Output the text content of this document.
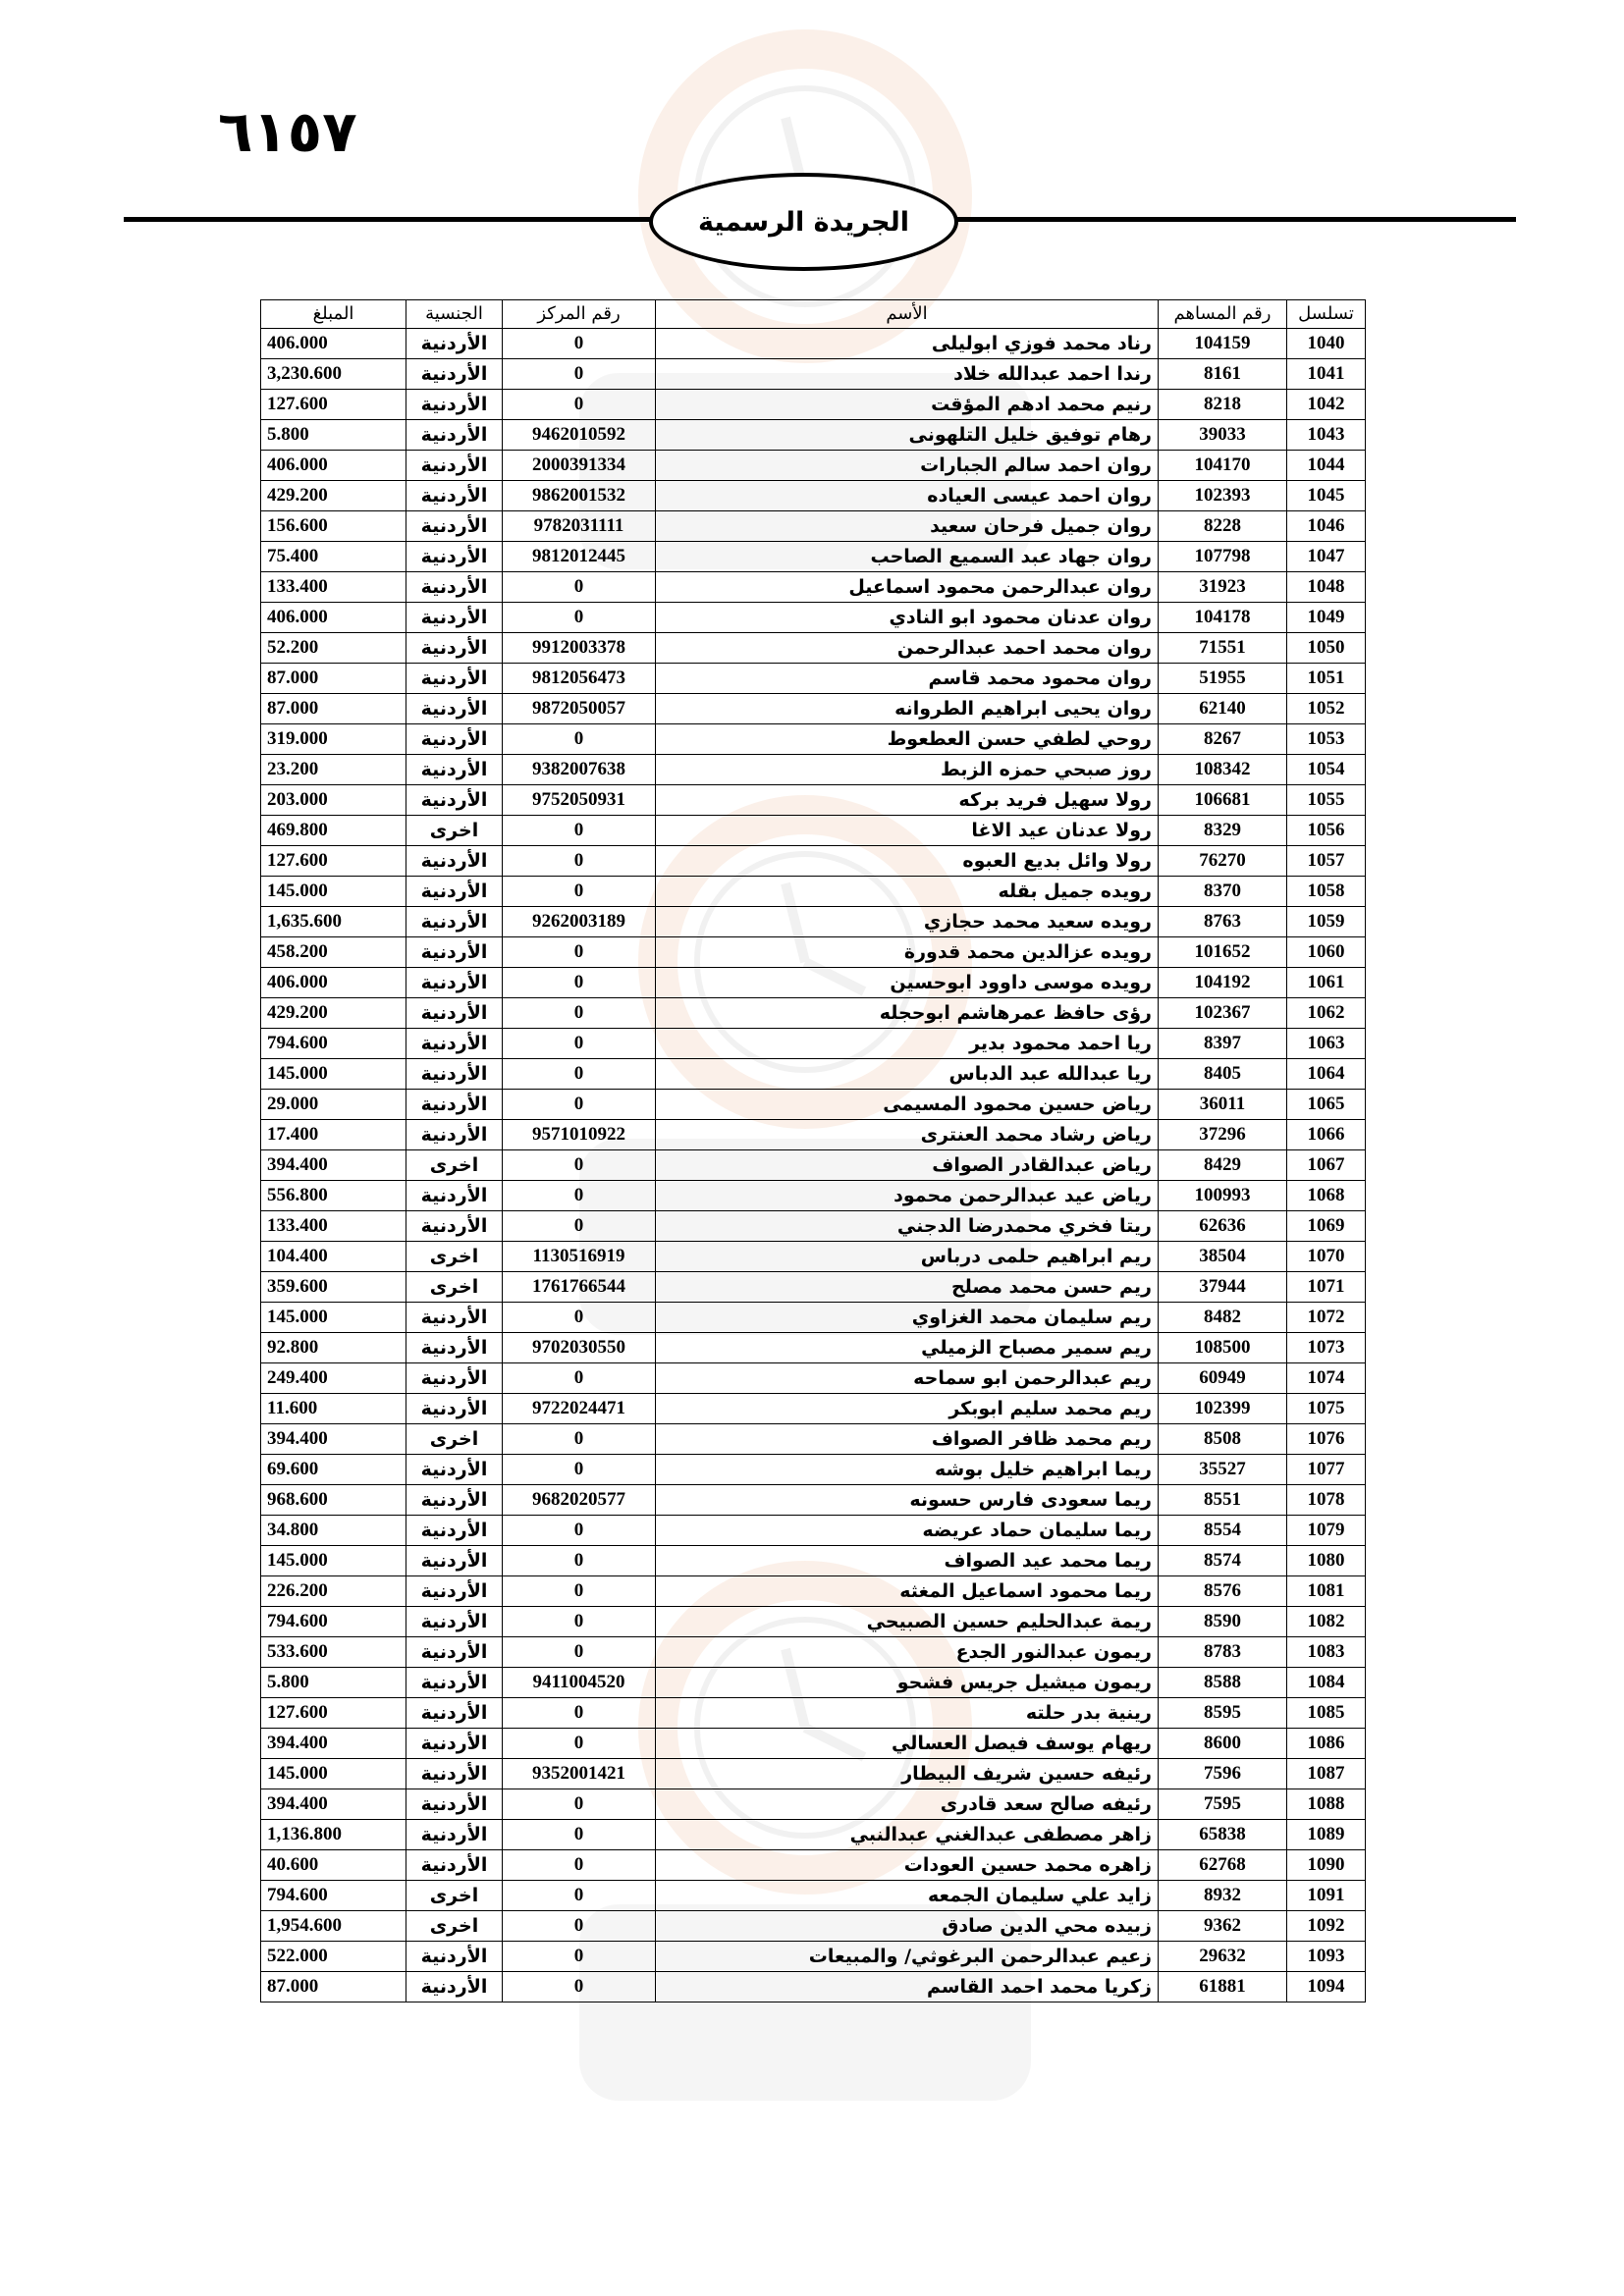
٦١٥٧
الجريدة الرسمية
تسلسل	رقم المساهم	الأسم	رقم المركز	الجنسية	المبلغ
1040	104159	رناد محمد فوزي ابوليلى	0	الأردنية	406.000
1041	8161	رندا احمد عبدالله خلاد	0	الأردنية	3,230.600
1042	8218	رنيم محمد ادهم المؤقت	0	الأردنية	127.600
1043	39033	رهام توفيق خليل التلهونى	9462010592	الأردنية	5.800
1044	104170	روان احمد سالم الجبارات	2000391334	الأردنية	406.000
1045	102393	روان احمد عيسى العياده	9862001532	الأردنية	429.200
1046	8228	روان جميل فرحان سعيد	9782031111	الأردنية	156.600
1047	107798	روان جهاد عبد السميع الصاحب	9812012445	الأردنية	75.400
1048	31923	روان عبدالرحمن محمود اسماعيل	0	الأردنية	133.400
1049	104178	روان عدنان محمود ابو النادي	0	الأردنية	406.000
1050	71551	روان محمد احمد عبدالرحمن	9912003378	الأردنية	52.200
1051	51955	روان محمود محمد قاسم	9812056473	الأردنية	87.000
1052	62140	روان يحيى ابراهيم الطروانه	9872050057	الأردنية	87.000
1053	8267	روحي لطفي حسن العطعوط	0	الأردنية	319.000
1054	108342	روز صبحي حمزه الزبط	9382007638	الأردنية	23.200
1055	106681	رولا سهيل فريد بركه	9752050931	الأردنية	203.000
1056	8329	رولا عدنان عيد الاغا	0	اخرى	469.800
1057	76270	رولا وائل بديع العبوه	0	الأردنية	127.600
1058	8370	رويده جميل بقله	0	الأردنية	145.000
1059	8763	رويده سعيد محمد حجازي	9262003189	الأردنية	1,635.600
1060	101652	رويده عزالدين محمد قدورة	0	الأردنية	458.200
1061	104192	رويده موسى داوود ابوحسين	0	الأردنية	406.000
1062	102367	رؤى حافظ عمرهاشم ابوحجله	0	الأردنية	429.200
1063	8397	ريا احمد محمود بدير	0	الأردنية	794.600
1064	8405	ريا عبدالله عبد الدباس	0	الأردنية	145.000
1065	36011	رياض حسين محمود المسيمى	0	الأردنية	29.000
1066	37296	رياض رشاد محمد العنترى	9571010922	الأردنية	17.400
1067	8429	رياض عبدالقادر الصواف	0	اخرى	394.400
1068	100993	رياض عيد عبدالرحمن محمود	0	الأردنية	556.800
1069	62636	ريتا فخري محمدرضا الدجني	0	الأردنية	133.400
1070	38504	ريم ابراهيم حلمى درباس	1130516919	اخرى	104.400
1071	37944	ريم حسن محمد مصلح	1761766544	اخرى	359.600
1072	8482	ريم سليمان محمد الغزاوي	0	الأردنية	145.000
1073	108500	ريم سمير مصباح الزميلي	9702030550	الأردنية	92.800
1074	60949	ريم عبدالرحمن ابو سماحه	0	الأردنية	249.400
1075	102399	ريم محمد سليم ابوبكر	9722024471	الأردنية	11.600
1076	8508	ريم محمد ظافر الصواف	0	اخرى	394.400
1077	35527	ريما ابراهيم خليل بوشه	0	الأردنية	69.600
1078	8551	ريما سعودى فارس حسونه	9682020577	الأردنية	968.600
1079	8554	ريما سليمان حماد عريضه	0	الأردنية	34.800
1080	8574	ريما محمد عيد الصواف	0	الأردنية	145.000
1081	8576	ريما محمود اسماعيل المغثه	0	الأردنية	226.200
1082	8590	ريمة عبدالحليم حسين الصبيحي	0	الأردنية	794.600
1083	8783	ريمون عبدالنور الجدع	0	الأردنية	533.600
1084	8588	ريمون ميشيل جريس فشحو	9411004520	الأردنية	5.800
1085	8595	رينية بدر حلته	0	الأردنية	127.600
1086	8600	ريهام يوسف فيصل العسالي	0	الأردنية	394.400
1087	7596	رئيفه حسين شريف البيطار	9352001421	الأردنية	145.000
1088	7595	رئيفه صالح سعد قادرى	0	الأردنية	394.400
1089	65838	زاهر مصطفى عبدالغني عبدالنبي	0	الأردنية	1,136.800
1090	62768	زاهره محمد حسين العودات	0	الأردنية	40.600
1091	8932	زايد علي سليمان الجمعه	0	اخرى	794.600
1092	9362	زبيده محي الدين صادق	0	اخرى	1,954.600
1093	29632	زعيم عبدالرحمن البرغوثي/ والمبيعات	0	الأردنية	522.000
1094	61881	زكريا محمد احمد القاسم	0	الأردنية	87.000
